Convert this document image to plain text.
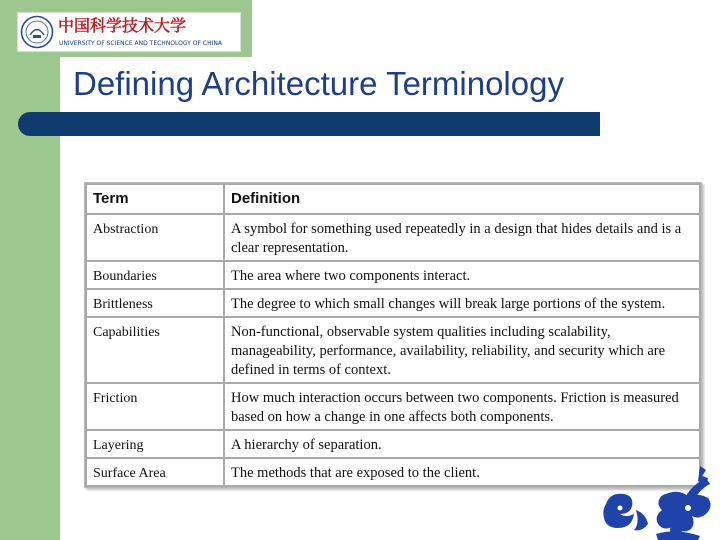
中国科学技术大学
UNIVERSITY OF SCIENCE AND TECHNOLOGY OF CHINA
Defining Architecture Terminology
Term	Definition
Abstraction	A symbol for something used repeatedly in a design that hides details and is a clear representation.
Boundaries	The area where two components interact.
Brittleness	The degree to which small changes will break large portions of the system.
Capabilities	Non-functional, observable system qualities including scalability, manageability, performance, availability, reliability, and security which are defined in terms of context.
Friction	How much interaction occurs between two components. Friction is measured based on how a change in one affects both components.
Layering	A hierarchy of separation.
Surface Area	The methods that are exposed to the client.
